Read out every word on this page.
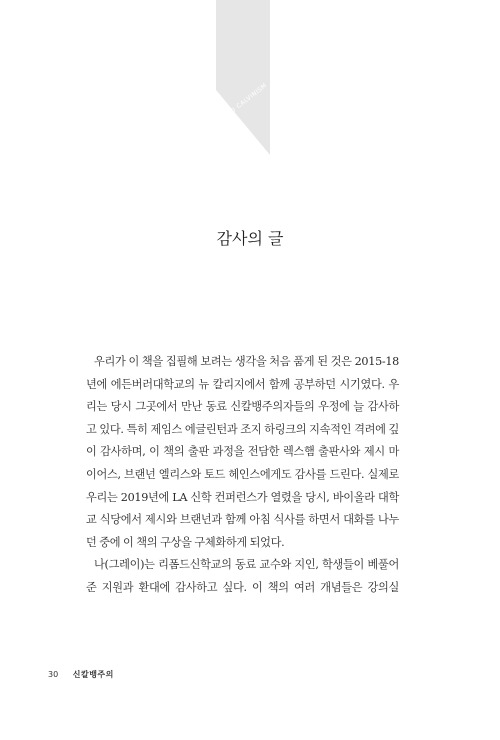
NEO CALVINISM
감사의 글

우리가 이 책을 집필해 보려는 생각을 처음 품게 된 것은 2015-18년에 에든버러대학교의 뉴 칼리지에서 함께 공부하던 시기였다. 우리는 당시 그곳에서 만난 동료 신칼뱅주의자들의 우정에 늘 감사하고 있다. 특히 제임스 에글린턴과 조지 하링크의 지속적인 격려에 깊이 감사하며, 이 책의 출판 과정을 전담한 렉스햄 출판사와 제시 마이어스, 브랜넌 엘리스와 토드 헤인스에게도 감사를 드린다. 실제로 우리는 2019년에 LA 신학 컨퍼런스가 열렸을 당시, 바이올라 대학교 식당에서 제시와 브랜넌과 함께 아침 식사를 하면서 대화를 나누던 중에 이 책의 구상을 구체화하게 되었다.

나(그레이)는 리폼드신학교의 동료 교수와 지인, 학생들이 베풀어 준 지원과 환대에 감사하고 싶다. 이 책의 여러 개념들은 강의실

30 신칼뱅주의
